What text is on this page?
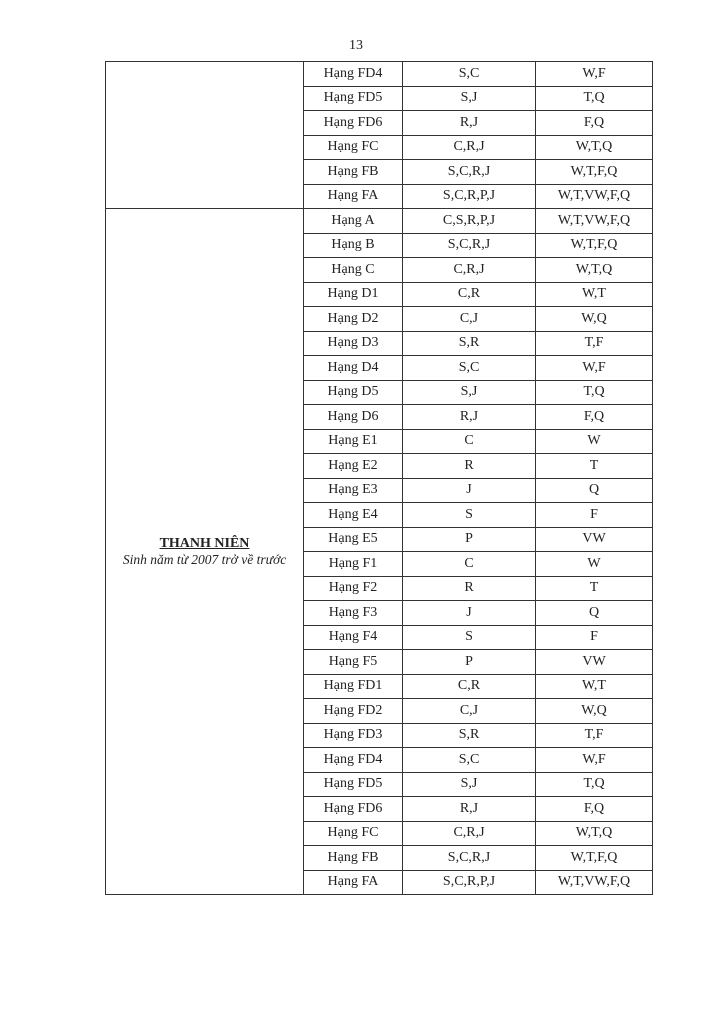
13
	Hạng FD4	S,C	W,F
	Hạng FD5	S,J	T,Q
	Hạng FD6	R,J	F,Q
	Hạng FC	C,R,J	W,T,Q
	Hạng FB	S,C,R,J	W,T,F,Q
	Hạng FA	S,C,R,P,J	W,T,VW,F,Q

THANH NIÊN
Sinh năm từ 2007 trở về trước	Hạng A	C,S,R,P,J	W,T,VW,F,Q
	Hạng B	S,C,R,J	W,T,F,Q
	Hạng C	C,R,J	W,T,Q
	Hạng D1	C,R	W,T
	Hạng D2	C,J	W,Q
	Hạng D3	S,R	T,F
	Hạng D4	S,C	W,F
	Hạng D5	S,J	T,Q
	Hạng D6	R,J	F,Q
	Hạng E1	C	W
	Hạng E2	R	T
	Hạng E3	J	Q
	Hạng E4	S	F
	Hạng E5	P	VW
	Hạng F1	C	W
	Hạng F2	R	T
	Hạng F3	J	Q
	Hạng F4	S	F
	Hạng F5	P	VW
	Hạng FD1	C,R	W,T
	Hạng FD2	C,J	W,Q
	Hạng FD3	S,R	T,F
	Hạng FD4	S,C	W,F
	Hạng FD5	S,J	T,Q
	Hạng FD6	R,J	F,Q
	Hạng FC	C,R,J	W,T,Q
	Hạng FB	S,C,R,J	W,T,F,Q
	Hạng FA	S,C,R,P,J	W,T,VW,F,Q
